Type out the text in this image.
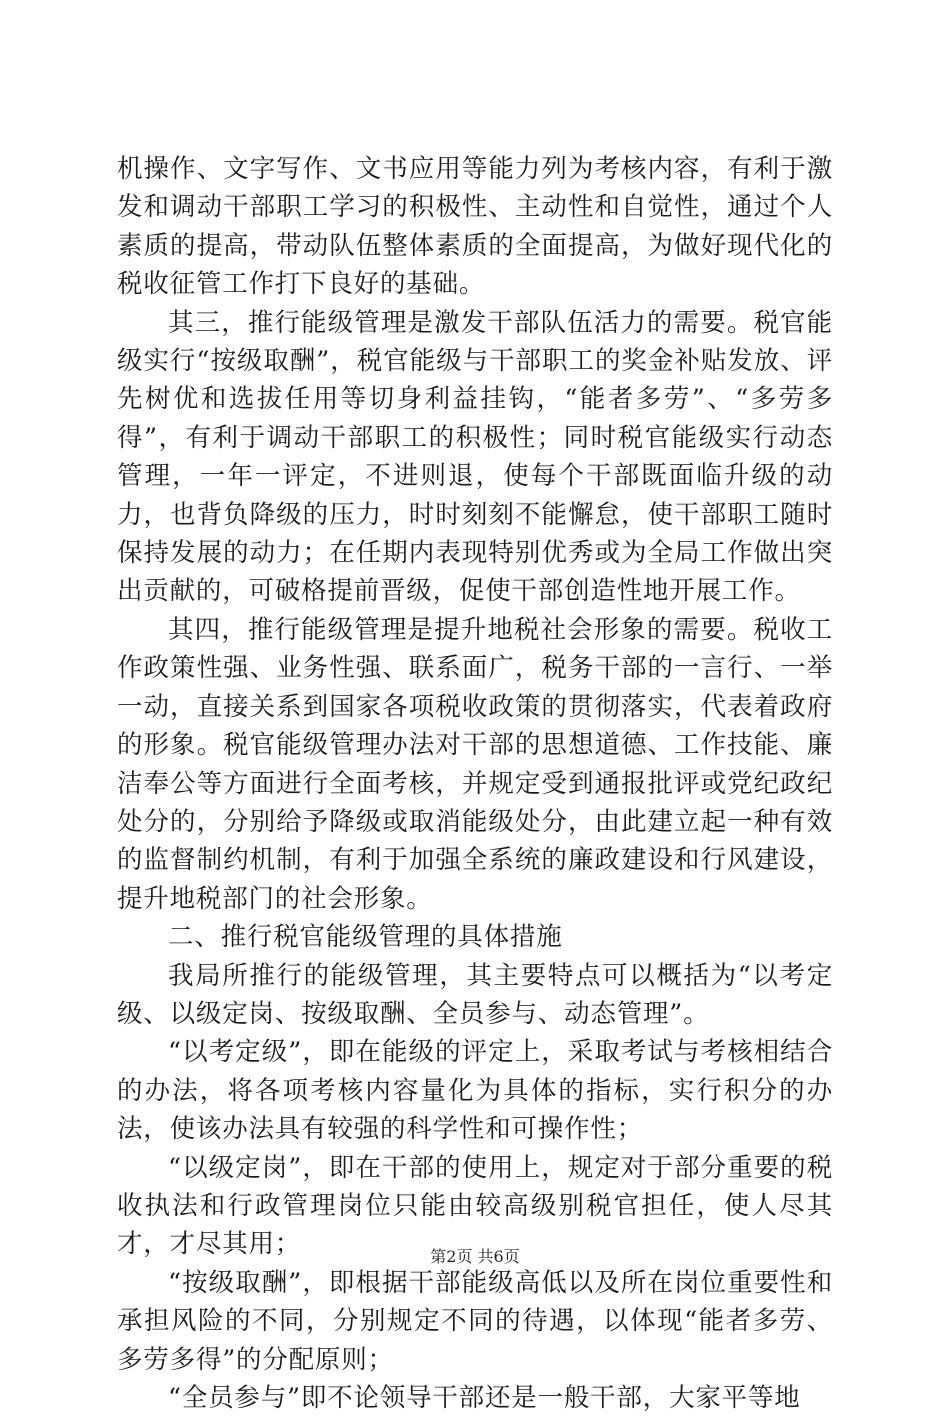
机操作、文字写作、文书应用等能力列为考核内容，有利于激发和调动干部职工学习的积极性、主动性和自觉性，通过个人素质的提高，带动队伍整体素质的全面提高，为做好现代化的税收征管工作打下良好的基础。

其三，推行能级管理是激发干部队伍活力的需要。税官能级实行“按级取酬”，税官能级与干部职工的奖金补贴发放、评先树优和选拔任用等切身利益挂钩，“能者多劳”、“多劳多得”，有利于调动干部职工的积极性；同时税官能级实行动态管理，一年一评定，不进则退，使每个干部既面临升级的动力，也背负降级的压力，时时刻刻不能懈怠，使干部职工随时保持发展的动力；在任期内表现特别优秀或为全局工作做出突出贡献的，可破格提前晋级，促使干部创造性地开展工作。

其四，推行能级管理是提升地税社会形象的需要。税收工作政策性强、业务性强、联系面广，税务干部的一言行、一举一动，直接关系到国家各项税收政策的贯彻落实，代表着政府的形象。税官能级管理办法对干部的思想道德、工作技能、廉洁奉公等方面进行全面考核，并规定受到通报批评或党纪政纪处分的，分别给予降级或取消能级处分，由此建立起一种有效的监督制约机制，有利于加强全系统的廉政建设和行风建设，提升地税部门的社会形象。

二、推行税官能级管理的具体措施

我局所推行的能级管理，其主要特点可以概括为“以考定级、以级定岗、按级取酬、全员参与、动态管理”。

“以考定级”，即在能级的评定上，采取考试与考核相结合的办法，将各项考核内容量化为具体的指标，实行积分的办法，使该办法具有较强的科学性和可操作性；

“以级定岗”，即在干部的使用上，规定对于部分重要的税收执法和行政管理岗位只能由较高级别税官担任，使人尽其才，才尽其用；

“按级取酬”，即根据干部能级高低以及所在岗位重要性和承担风险的不同，分别规定不同的待遇，以体现“能者多劳、多劳多得”的分配原则；

“全员参与”即不论领导干部还是一般干部，大家平等地

第2页 共6页
